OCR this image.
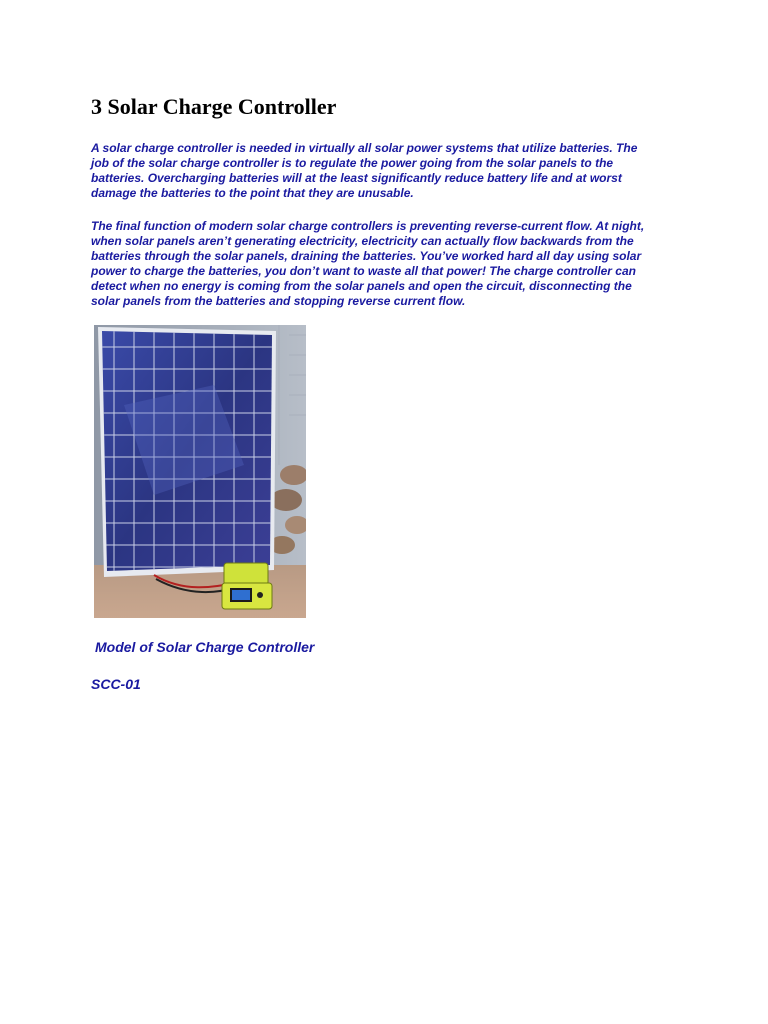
3 Solar Charge Controller

A solar charge controller is needed in virtually all solar power systems that utilize batteries. The
job of the solar charge controller is to regulate the power going from the solar panels to the
batteries. Overcharging batteries will at the least significantly reduce battery life and at worst
damage the batteries to the point that they are unusable.

The final function of modern solar charge controllers is preventing reverse-current flow. At night,
when solar panels aren’t generating electricity, electricity can actually flow backwards from the
batteries through the solar panels, draining the batteries. You’ve worked hard all day using solar
power to charge the batteries, you don’t want to waste all that power! The charge controller can
detect when no energy is coming from the solar panels and open the circuit, disconnecting the
solar panels from the batteries and stopping reverse current flow.

Model of Solar Charge Controller

SCC-01
